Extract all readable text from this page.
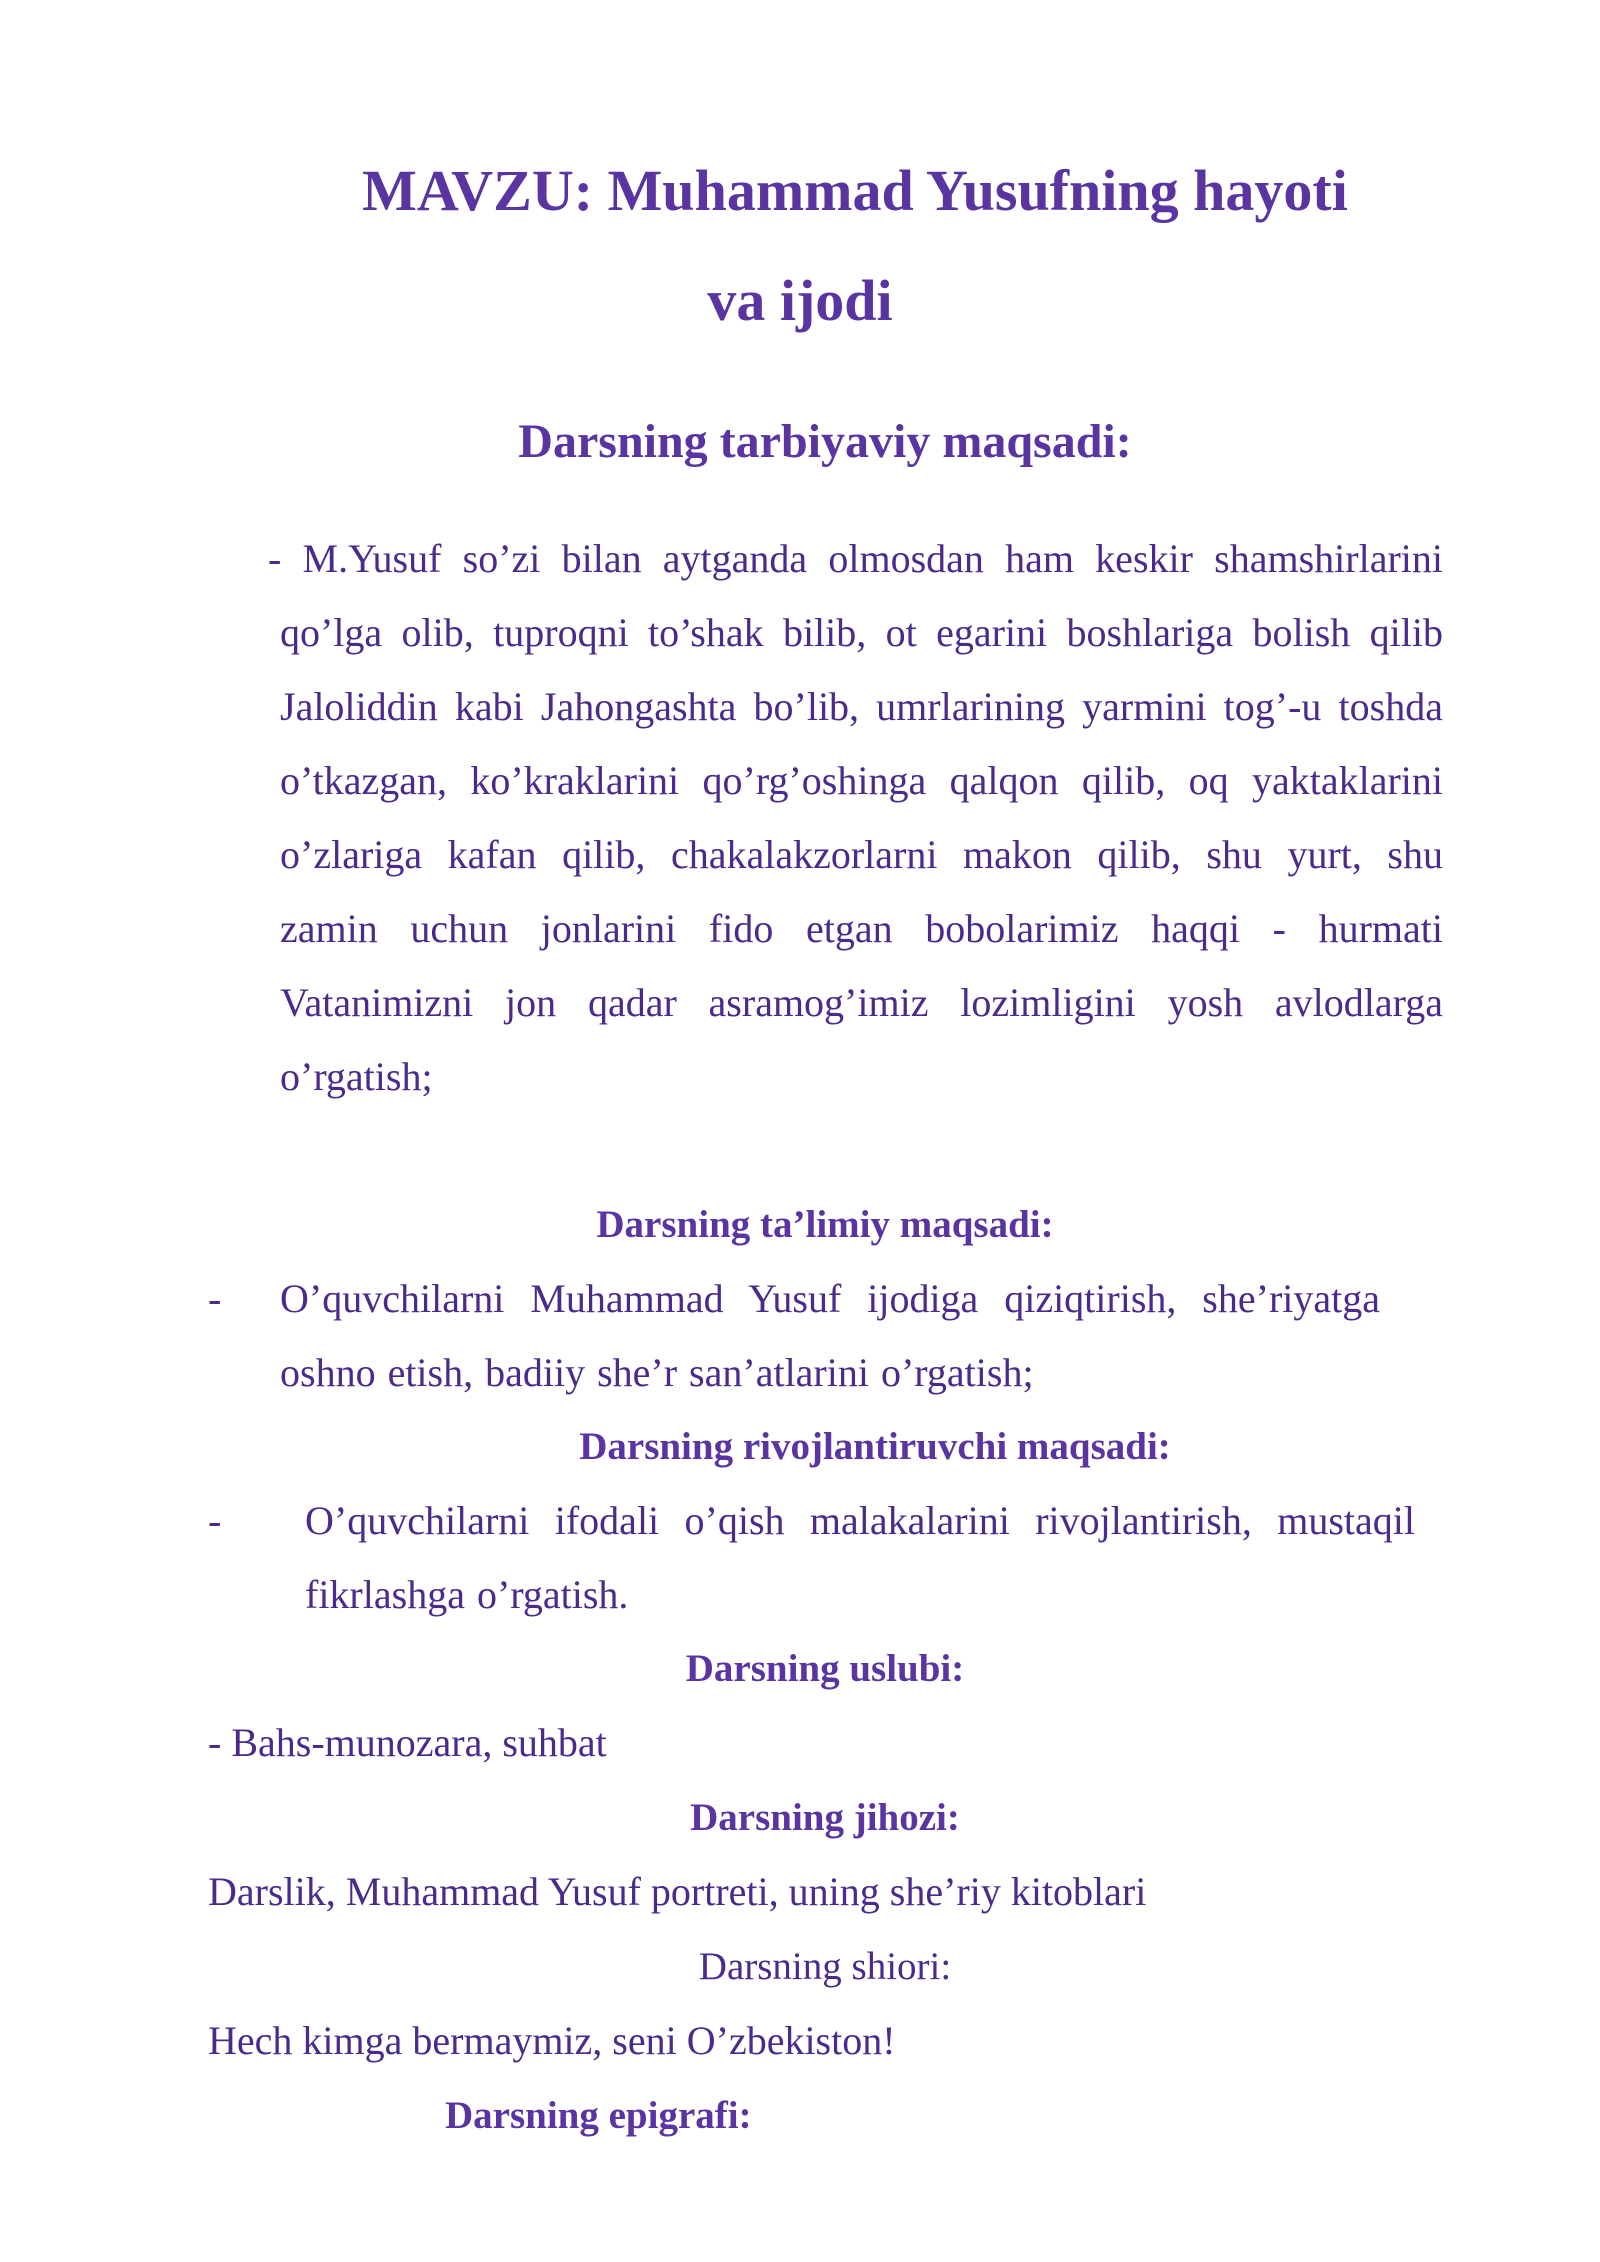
MAVZU: Muhammad Yusufning hayoti
va ijodi
Darsning tarbiyaviy maqsadi:

- M.Yusuf so’zi bilan aytganda olmosdan ham keskir shamshirlarini qo’lga olib, tuproqni to’shak bilib, ot egarini boshlariga bolish qilib Jaloliddin kabi Jahongashta bo’lib, umrlarining yarmini tog’-u toshda o’tkazgan, ko’kraklarini qo’rg’oshinga qalqon qilib, oq yaktaklarini o’zlariga kafan qilib, chakalakzorlarni makon qilib, shu yurt, shu zamin uchun jonlarini fido etgan bobolarimiz haqqi - hurmati Vatanimizni jon qadar asramog’imiz lozimligini yosh avlodlarga o’rgatish;

Darsning ta’limiy maqsadi:
- O’quvchilarni Muhammad Yusuf ijodiga qiziqtirish, she’riyatga oshno etish, badiiy she’r san’atlarini o’rgatish;

Darsning rivojlantiruvchi maqsadi:
- O’quvchilarni ifodali o’qish malakalarini rivojlantirish, mustaqil fikrlashga o’rgatish.

Darsning uslubi:
- Bahs-munozara, suhbat
Darsning jihozi:
Darslik, Muhammad Yusuf portreti, uning she’riy kitoblari
Darsning shiori:
Hech kimga bermaymiz, seni O’zbekiston!
Darsning epigrafi:
